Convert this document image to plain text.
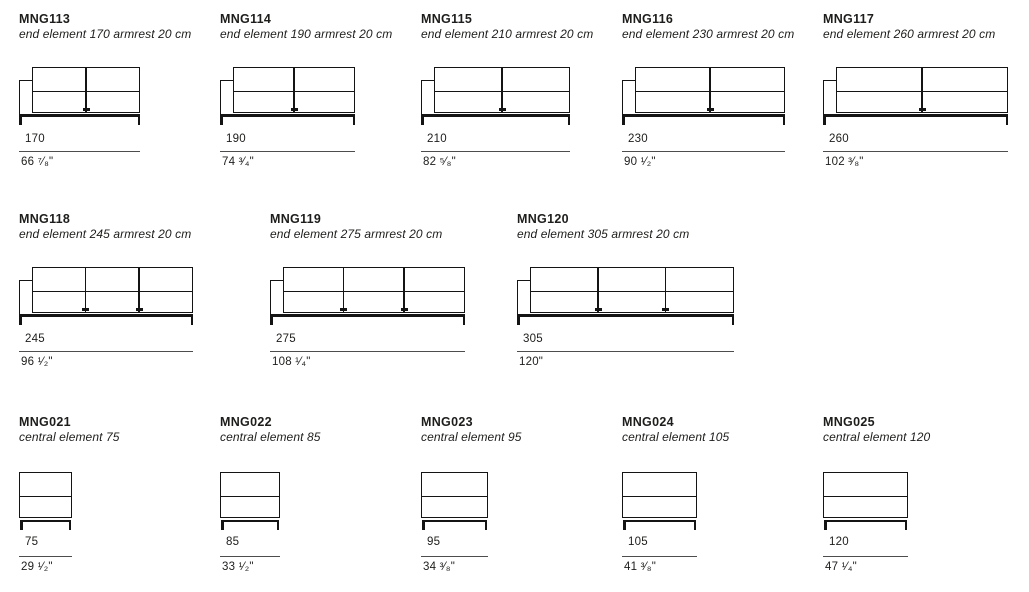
MNG113
end element 170 armrest 20 cm
170
66 ⁷⁄₈"
MNG114
end element 190 armrest 20 cm
190
74 ³⁄₄"
MNG115
end element 210 armrest 20 cm
210
82 ⁵⁄₈"
MNG116
end element 230 armrest 20 cm
230
90 ¹⁄₂"
MNG117
end element 260 armrest 20 cm
260
102 ³⁄₈"
MNG118
end element 245 armrest 20 cm
245
96 ¹⁄₂"
MNG119
end element 275 armrest 20 cm
275
108 ¹⁄₄"
MNG120
end element 305 armrest 20 cm
305
120"
MNG021
central element 75
75
29 ¹⁄₂"
MNG022
central element 85
85
33 ¹⁄₂"
MNG023
central element 95
95
34 ³⁄₈"
MNG024
central element 105
105
41 ³⁄₈"
MNG025
central element 120
120
47 ¹⁄₄"
